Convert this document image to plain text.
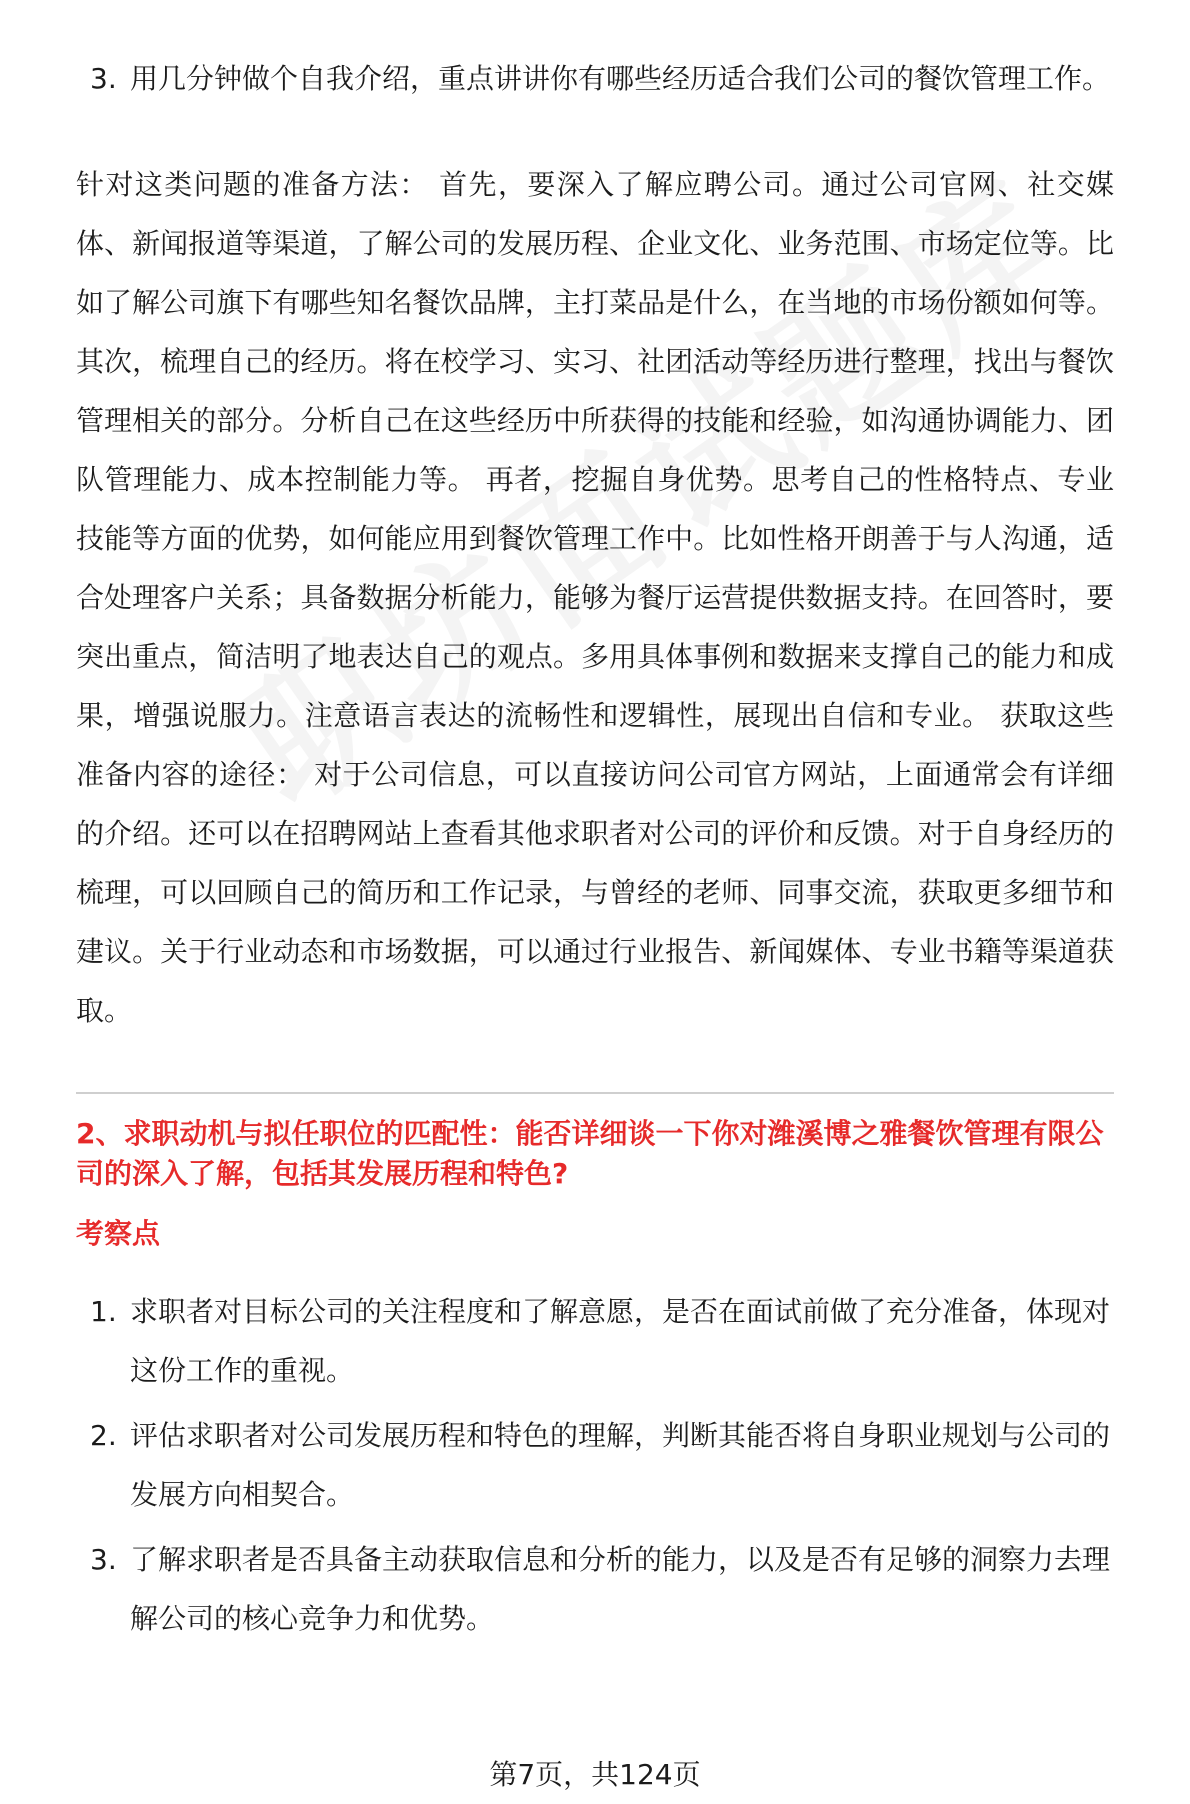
3. 用几分钟做个自我介绍，重点讲讲你有哪些经历适合我们公司的餐饮管理工作。
针对这类问题的准备方法： 首先，要深入了解应聘公司。通过公司官网、社交媒体、新闻报道等渠道，了解公司的发展历程、企业文化、业务范围、市场定位等。比如了解公司旗下有哪些知名餐饮品牌，主打菜品是什么，在当地的市场份额如何等。 其次，梳理自己的经历。将在校学习、实习、社团活动等经历进行整理，找出与餐饮管理相关的部分。分析自己在这些经历中所获得的技能和经验，如沟通协调能力、团队管理能力、成本控制能力等。 再者，挖掘自身优势。思考自己的性格特点、专业技能等方面的优势，如何能应用到餐饮管理工作中。比如性格开朗善于与人沟通，适合处理客户关系；具备数据分析能力，能够为餐厅运营提供数据支持。在回答时，要突出重点，简洁明了地表达自己的观点。多用具体事例和数据来支撑自己的能力和成果，增强说服力。注意语言表达的流畅性和逻辑性，展现出自信和专业。 获取这些准备内容的途径： 对于公司信息，可以直接访问公司官方网站，上面通常会有详细的介绍。还可以在招聘网站上查看其他求职者对公司的评价和反馈。对于自身经历的梳理，可以回顾自己的简历和工作记录，与曾经的老师、同事交流，获取更多细节和建议。关于行业动态和市场数据，可以通过行业报告、新闻媒体、专业书籍等渠道获取。
2、求职动机与拟任职位的匹配性：能否详细谈一下你对潍溪博之雅餐饮管理有限公司的深入了解，包括其发展历程和特色?
考察点
1. 求职者对目标公司的关注程度和了解意愿，是否在面试前做了充分准备，体现对这份工作的重视。
2. 评估求职者对公司发展历程和特色的理解，判断其能否将自身职业规划与公司的发展方向相契合。
3. 了解求职者是否具备主动获取信息和分析的能力，以及是否有足够的洞察力去理解公司的核心竞争力和优势。
第7页，共124页
